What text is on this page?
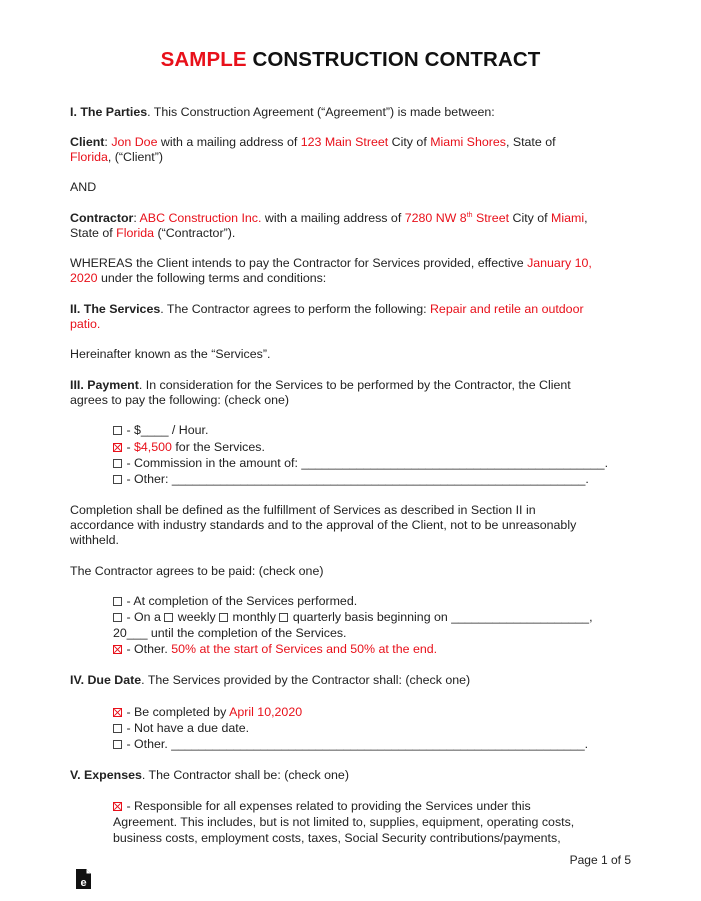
SAMPLE CONSTRUCTION CONTRACT
I. The Parties. This Construction Agreement (“Agreement”) is made between:
Client: Jon Doe with a mailing address of 123 Main Street City of Miami Shores, State of
Florida, (“Client”)
AND
Contractor: ABC Construction Inc. with a mailing address of 7280 NW 8th Street City of Miami,
State of Florida (“Contractor”).
WHEREAS the Client intends to pay the Contractor for Services provided, effective January 10,
2020 under the following terms and conditions:
II. The Services. The Contractor agrees to perform the following: Repair and retile an outdoor
patio.
Hereinafter known as the “Services”.
III. Payment. In consideration for the Services to be performed by the Contractor, the Client
agrees to pay the following: (check one)
- $____ / Hour.
- $4,500 for the Services.
- Commission in the amount of: ____________________________________________.
- Other: ____________________________________________________________.
Completion shall be defined as the fulfillment of Services as described in Section II in
accordance with industry standards and to the approval of the Client, not to be unreasonably
withheld.
The Contractor agrees to be paid: (check one)
- At completion of the Services performed.
- On a  weekly  monthly  quarterly basis beginning on ____________________,
20___ until the completion of the Services.
- Other. 50% at the start of Services and 50% at the end.
IV. Due Date. The Services provided by the Contractor shall: (check one)
- Be completed by April 10,2020
- Not have a due date.
- Other. ____________________________________________________________.
V. Expenses. The Contractor shall be: (check one)
- Responsible for all expenses related to providing the Services under this
Agreement. This includes, but is not limited to, supplies, equipment, operating costs,
business costs, employment costs, taxes, Social Security contributions/payments,
Page 1 of 5
e
